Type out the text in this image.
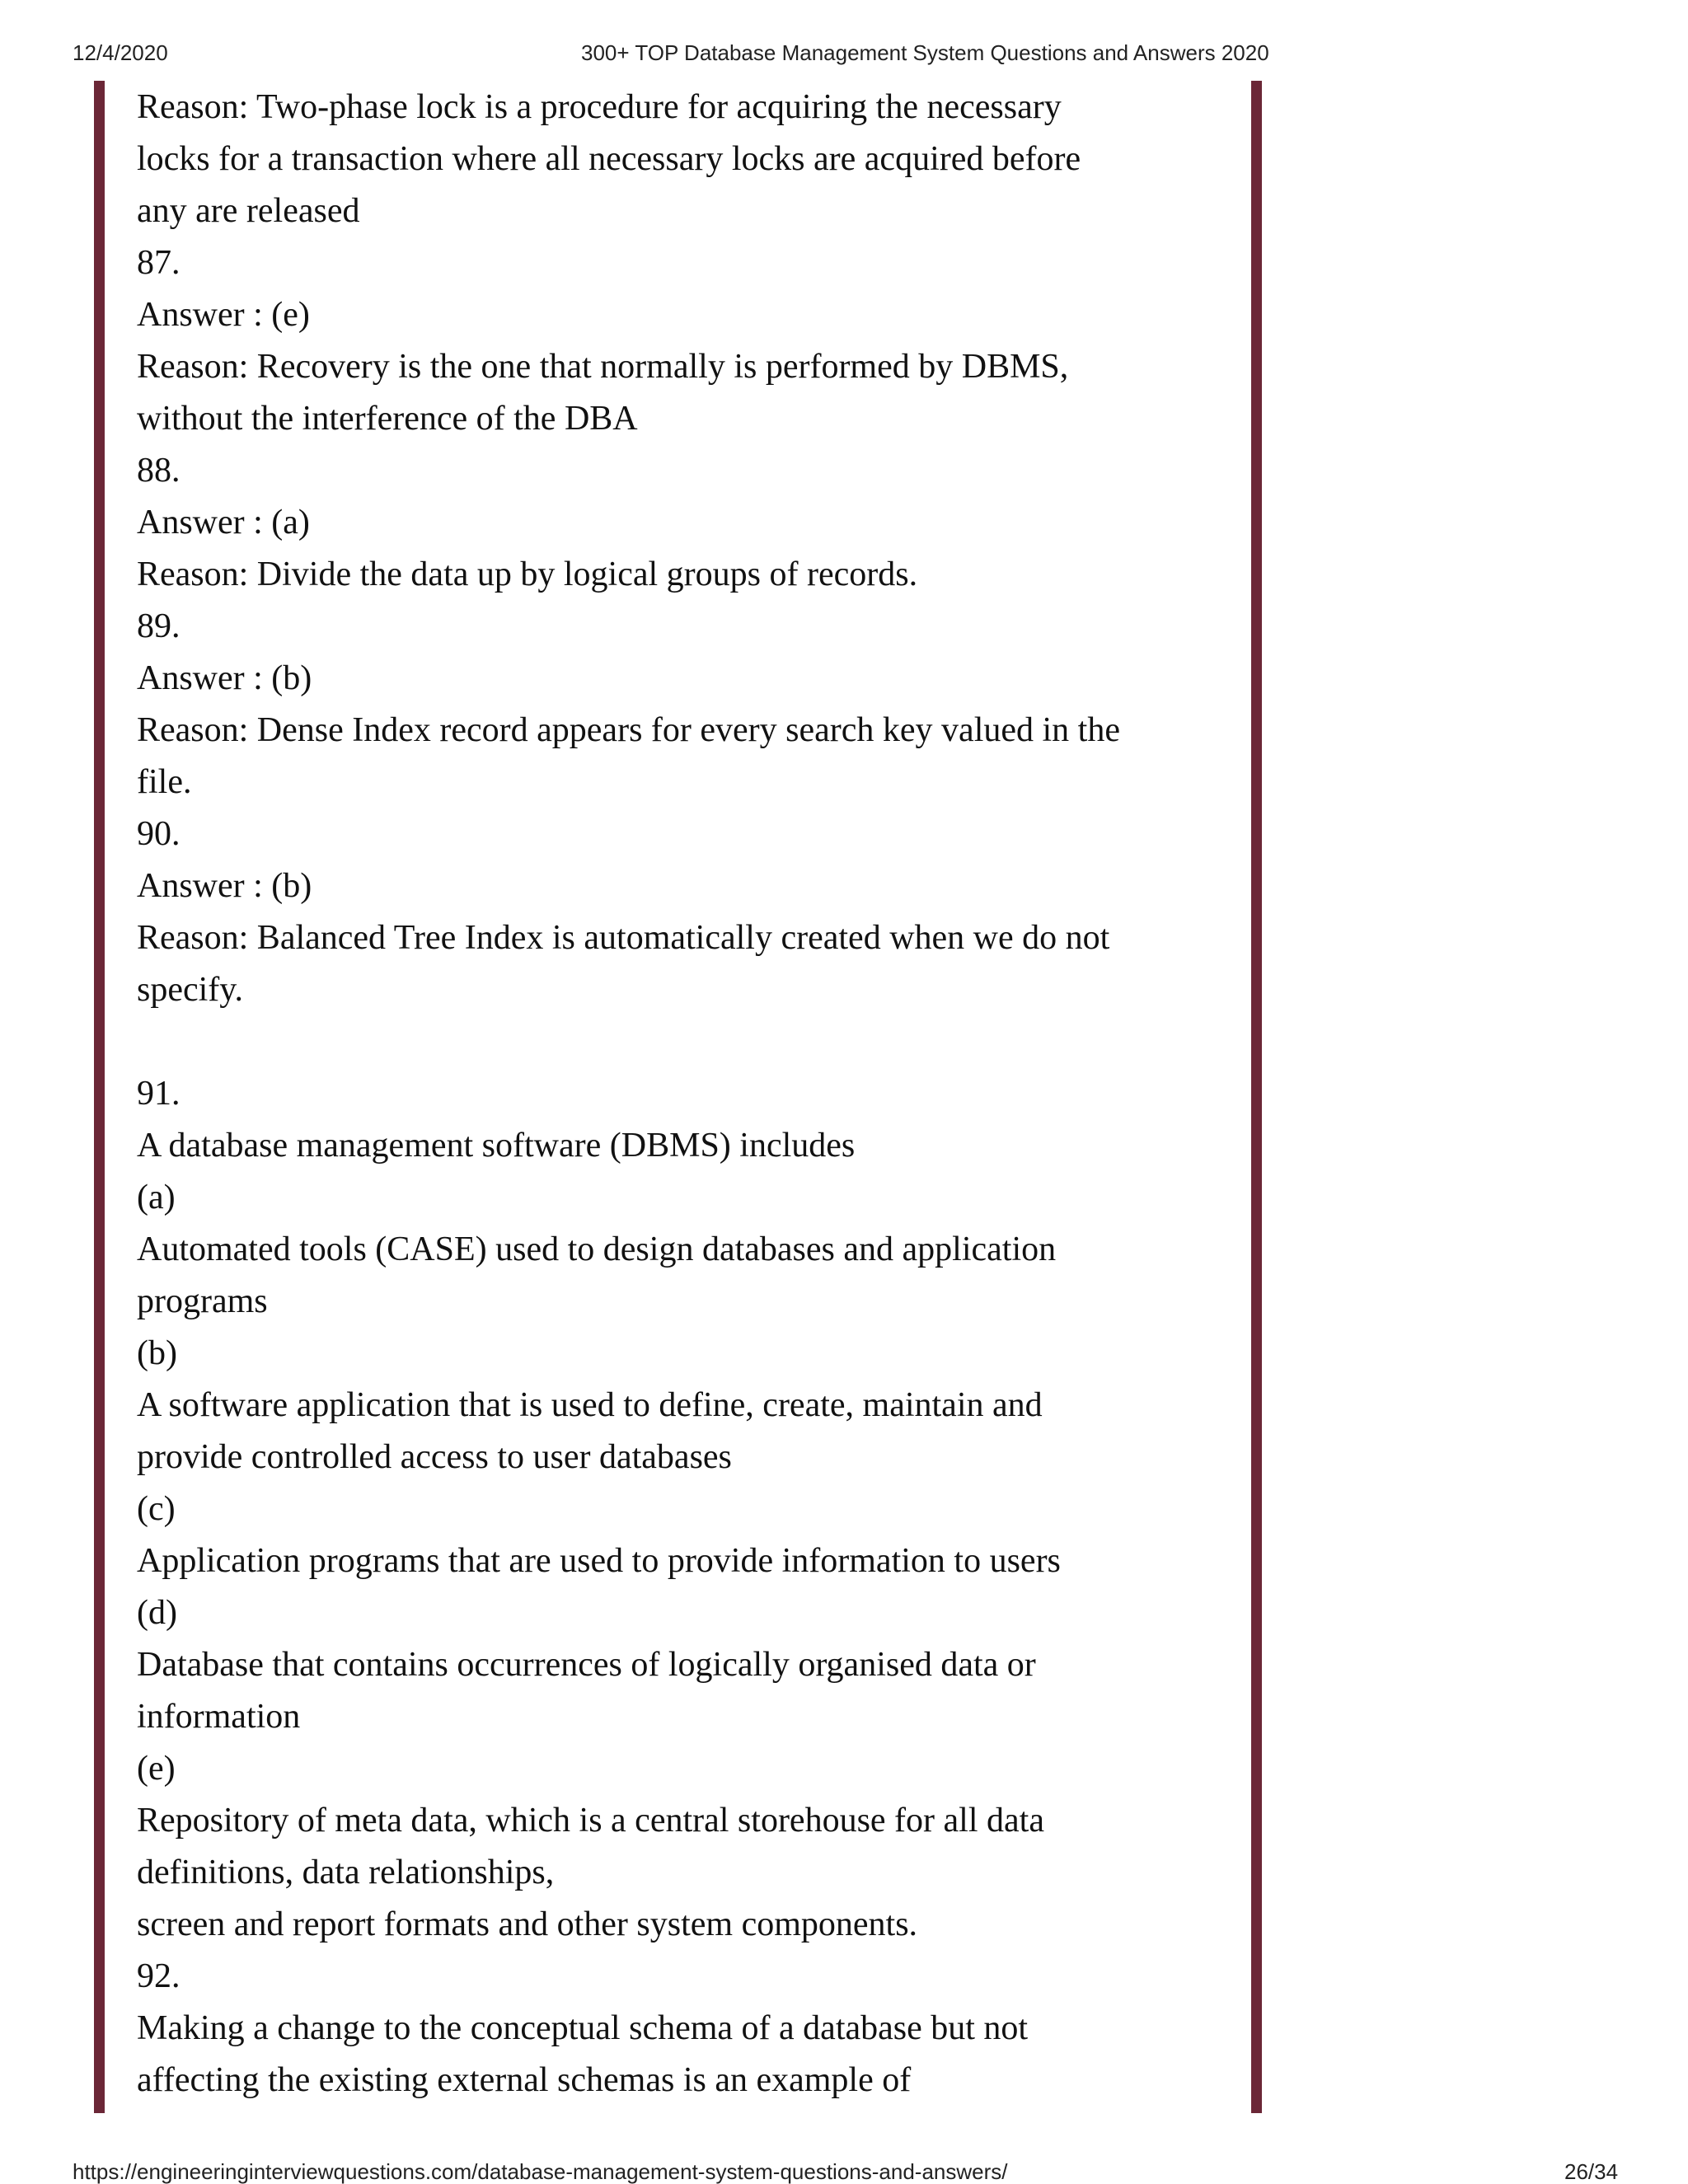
12/4/2020	300+ TOP Database Management System Questions and Answers 2020
Reason: Two-phase lock is a procedure for acquiring the necessary
locks for a transaction where all necessary locks are acquired before
any are released
87.
Answer : (e)
Reason: Recovery is the one that normally is performed by DBMS,
without the interference of the DBA
88.
Answer : (a)
Reason: Divide the data up by logical groups of records.
89.
Answer : (b)
Reason: Dense Index record appears for every search key valued in the
file.
90.
Answer : (b)
Reason: Balanced Tree Index is automatically created when we do not
specify.
91.
A database management software (DBMS) includes
(a)
Automated tools (CASE) used to design databases and application
programs
(b)
A software application that is used to define, create, maintain and
provide controlled access to user databases
(c)
Application programs that are used to provide information to users
(d)
Database that contains occurrences of logically organised data or
information
(e)
Repository of meta data, which is a central storehouse for all data
definitions, data relationships,
screen and report formats and other system components.
92.
Making a change to the conceptual schema of a database but not
affecting the existing external schemas is an example of
https://engineeringinterviewquestions.com/database-management-system-questions-and-answers/	26/34
